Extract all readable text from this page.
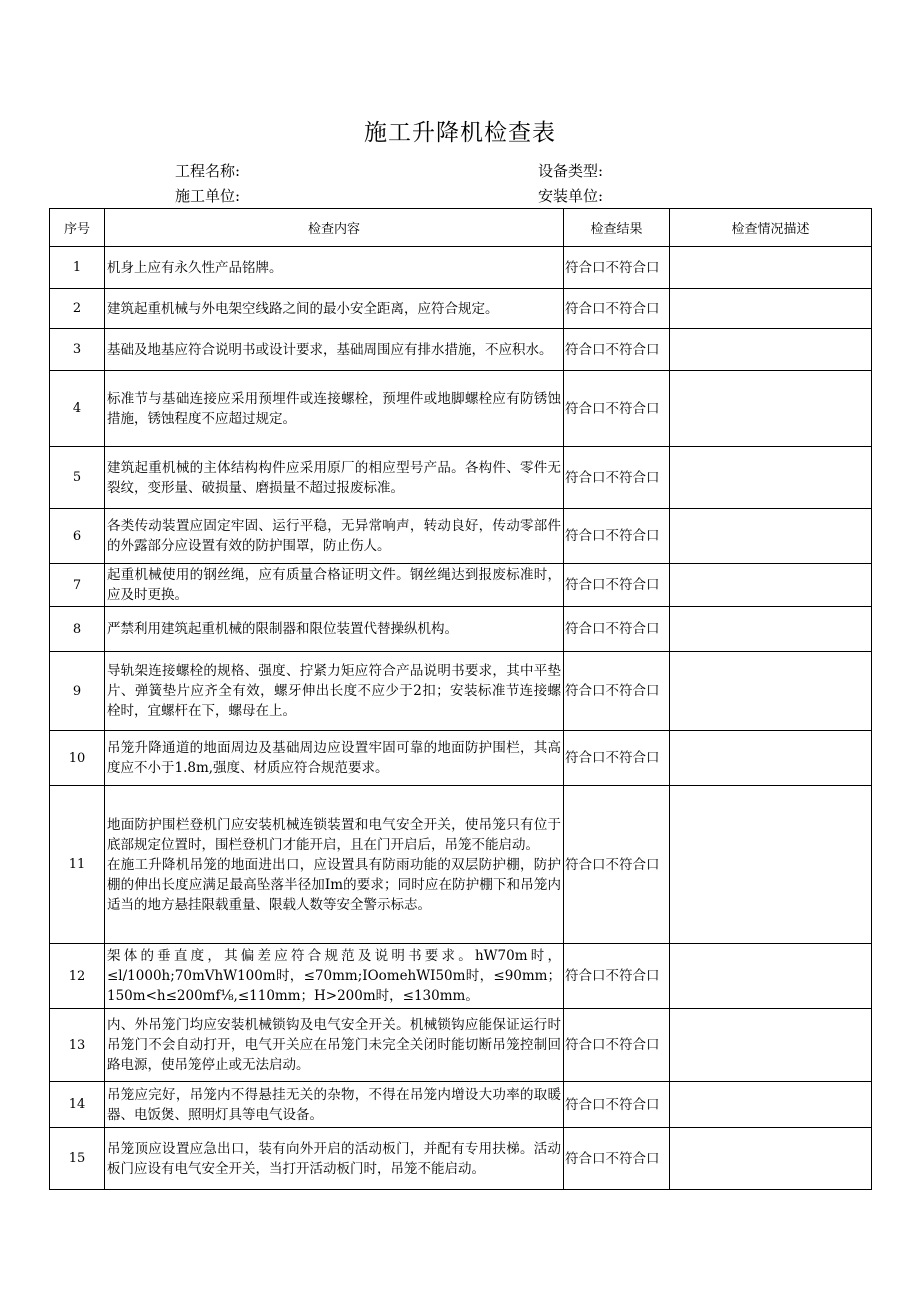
施工升降机检查表
工程名称:	设备类型:
施工单位:	安装单位:
序号	检查内容	检查结果	检查情况描述
1	机身上应有永久性产品铭牌。	符合口不符合口	
2	建筑起重机械与外电架空线路之间的最小安全距离，应符合规定。	符合口不符合口	
3	基础及地基应符合说明书或设计要求，基础周围应有排水措施，不应积水。	符合口不符合口	
4	标准节与基础连接应采用预埋件或连接螺栓，预埋件或地脚螺栓应有防锈蚀措施，锈蚀程度不应超过规定。	符合口不符合口	
5	建筑起重机械的主体结构构件应采用原厂的相应型号产品。各构件、零件无裂纹，变形量、破损量、磨损量不超过报废标准。	符合口不符合口	
6	各类传动装置应固定牢固、运行平稳，无异常响声，转动良好，传动零部件的外露部分应设置有效的防护围罩，防止伤人。	符合口不符合口	
7	起重机械使用的钢丝绳，应有质量合格证明文件。钢丝绳达到报废标准时，应及时更换。	符合口不符合口	
8	严禁利用建筑起重机械的限制器和限位装置代替操纵机构。	符合口不符合口	
9	导轨架连接螺栓的规格、强度、拧紧力矩应符合产品说明书要求，其中平垫片、弹簧垫片应齐全有效，螺牙伸出长度不应少于2扣；安装标准节连接螺栓时，宜螺杆在下，螺母在上。	符合口不符合口	
10	吊笼升降通道的地面周边及基础周边应设置牢固可靠的地面防护围栏，其高度应不小于1.8m,强度、材质应符合规范要求。	符合口不符合口	
11	地面防护围栏登机门应安装机械连锁装置和电气安全开关，使吊笼只有位于底部规定位置时，围栏登机门才能开启，且在门开启后，吊笼不能启动。
在施工升降机吊笼的地面进出口，应设置具有防雨功能的双层防护棚，防护棚的伸出长度应满足最高坠落半径加Im的要求；同时应在防护棚下和吊笼内适当的地方悬挂限载重量、限载人数等安全警示标志。	符合口不符合口	
12	架体的垂直度，其偏差应符合规范及说明书要求。hW70m时，≤l/1000h;70mVhW100m时，≤70mm;IOomehWI50m时，≤90mm；150m<h≤200mf⅛,≤110mm；H>200m时，≤130mm。	符合口不符合口	
13	内、外吊笼门均应安装机械锁钩及电气安全开关。机械锁钩应能保证运行时吊笼门不会自动打开，电气开关应在吊笼门未完全关闭时能切断吊笼控制回路电源，使吊笼停止或无法启动。	符合口不符合口	
14	吊笼应完好，吊笼内不得悬挂无关的杂物，不得在吊笼内增设大功率的取暖器、电饭煲、照明灯具等电气设备。	符合口不符合口	
15	吊笼顶应设置应急出口，装有向外开启的活动板门，并配有专用扶梯。活动板门应设有电气安全开关，当打开活动板门时，吊笼不能启动。	符合口不符合口	
